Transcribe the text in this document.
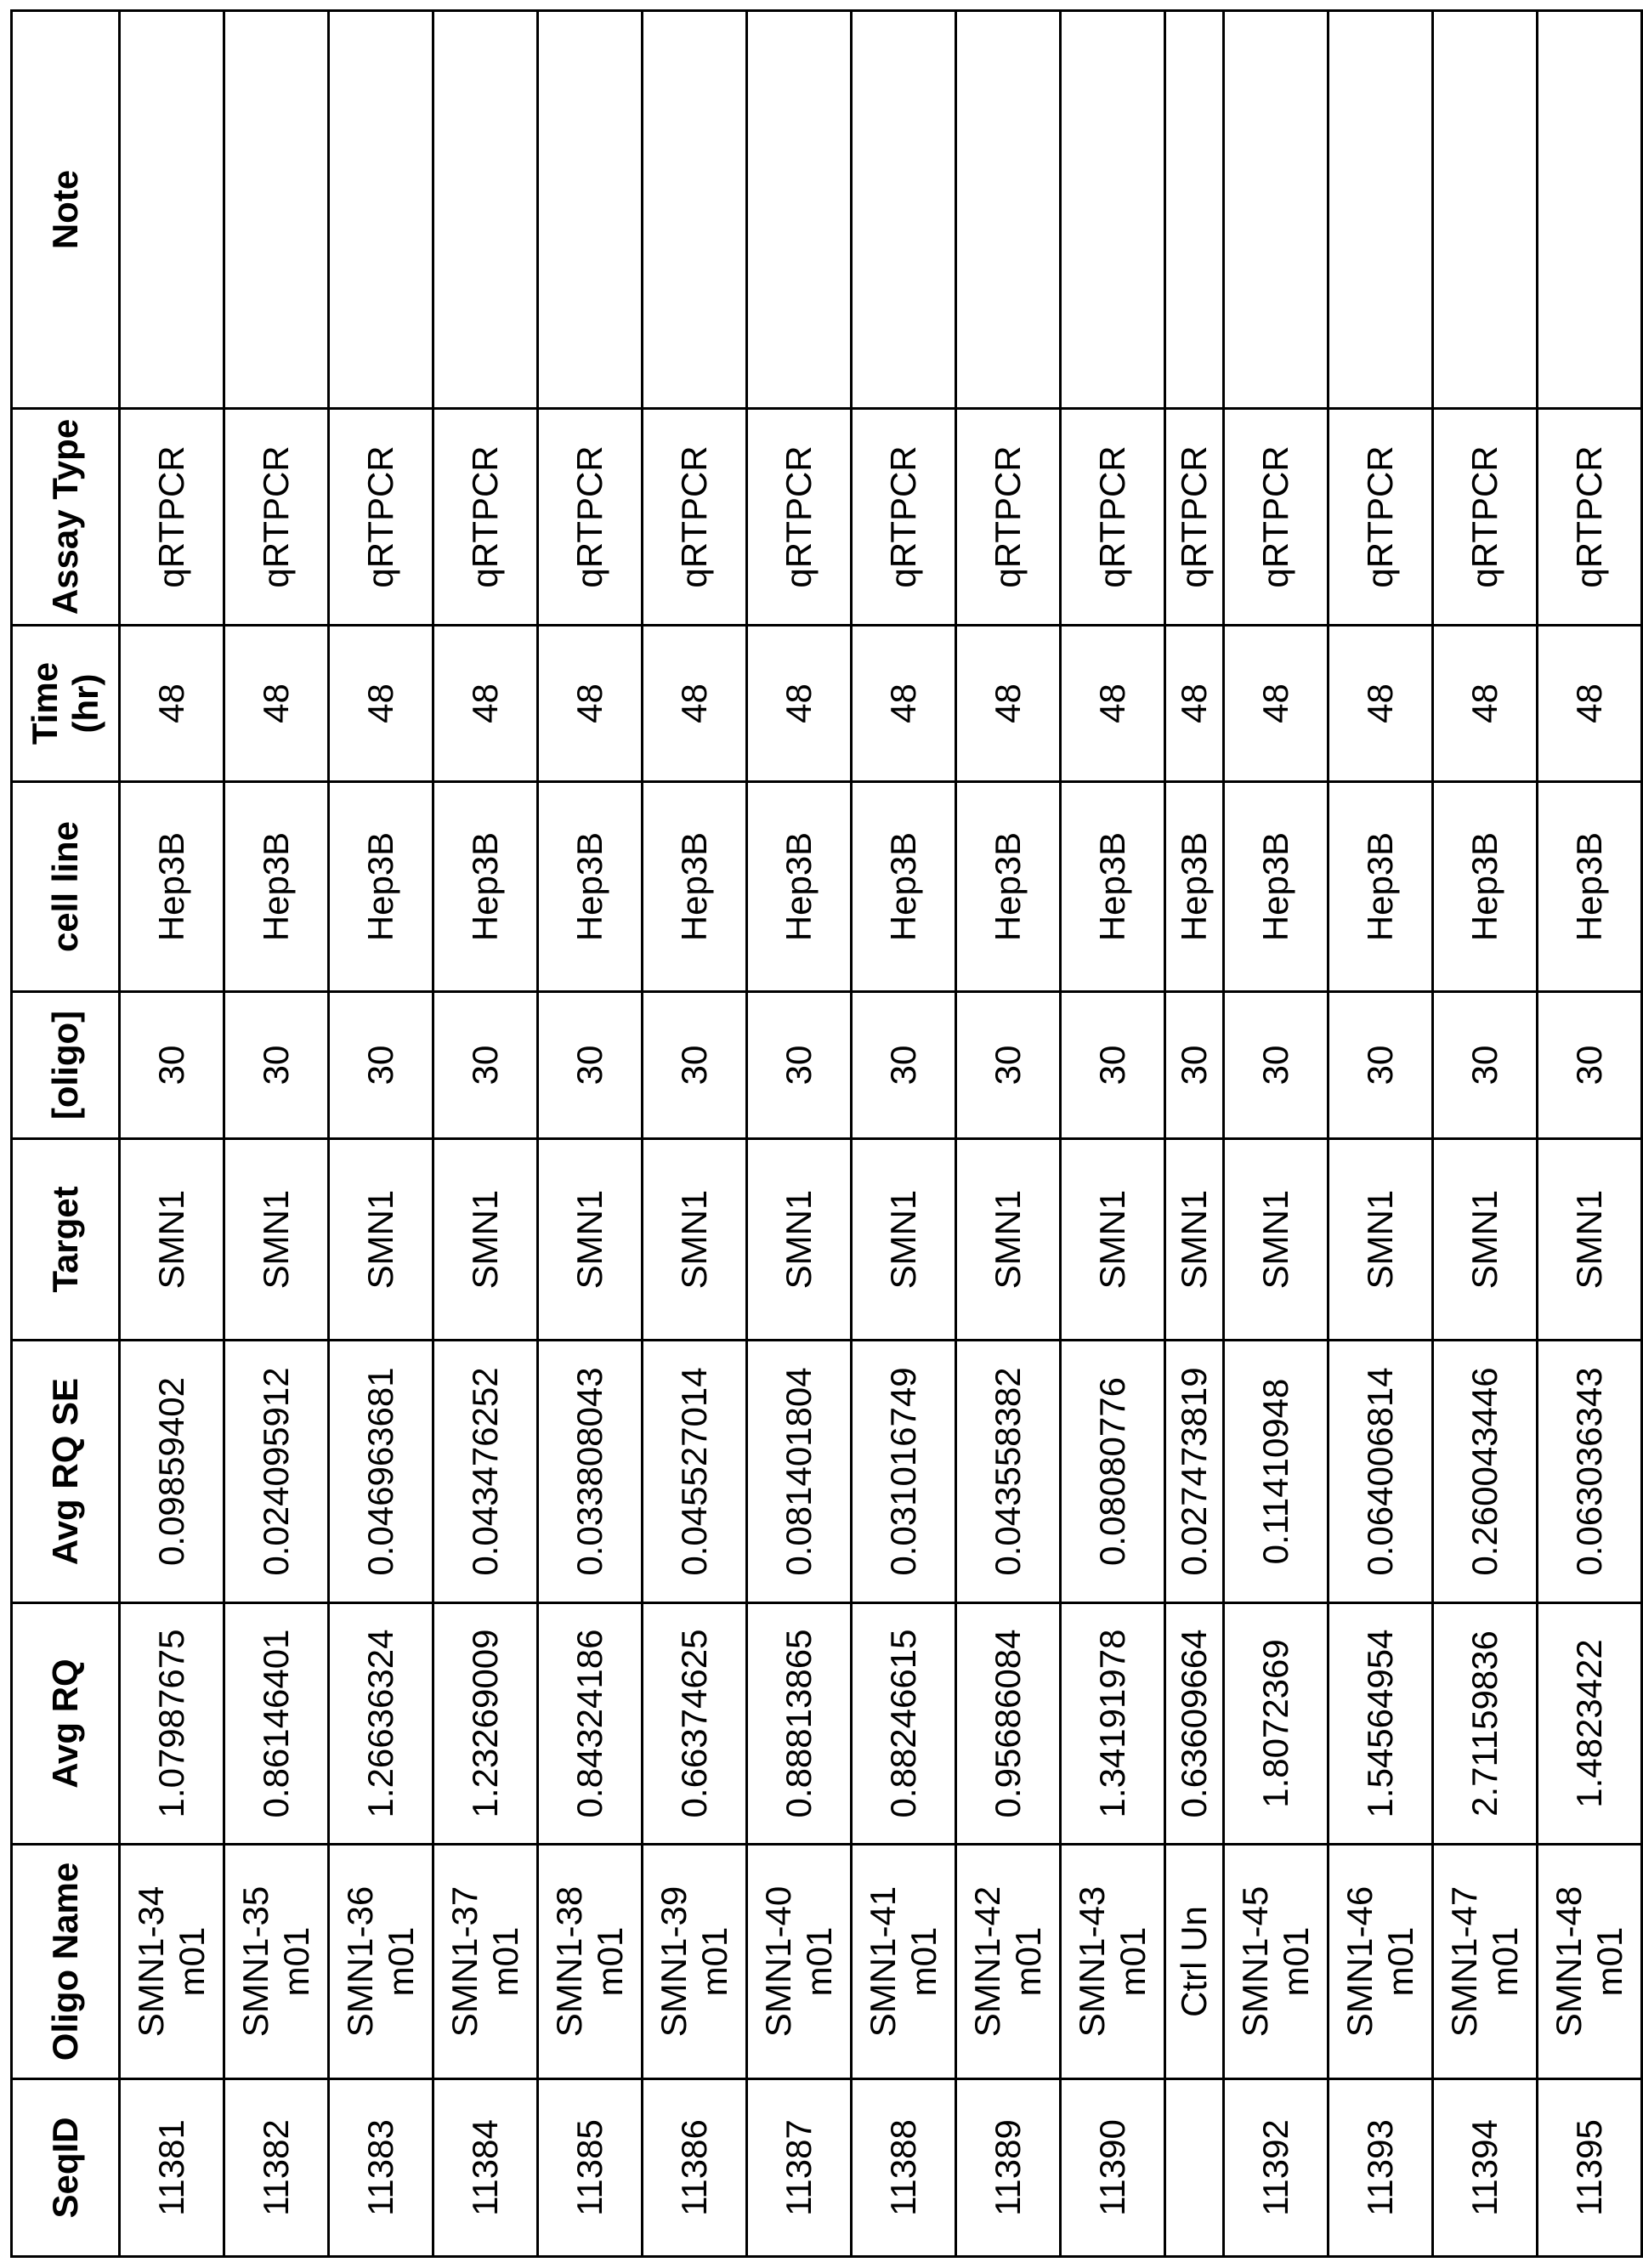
SeqID	Oligo Name	Avg RQ	Avg RQ SE	Target	[oligo]	cell line	Time (hr)	Assay Type	Note
11381	SMN1-34 m01	1.07987675	0.09859402	SMN1	30	Hep3B	48	qRTPCR	
11382	SMN1-35 m01	0.86146401	0.024095912	SMN1	30	Hep3B	48	qRTPCR	
11383	SMN1-36 m01	1.26636324	0.046963681	SMN1	30	Hep3B	48	qRTPCR	
11384	SMN1-37 m01	1.23269009	0.043476252	SMN1	30	Hep3B	48	qRTPCR	
11385	SMN1-38 m01	0.84324186	0.033808043	SMN1	30	Hep3B	48	qRTPCR	
11386	SMN1-39 m01	0.66374625	0.045527014	SMN1	30	Hep3B	48	qRTPCR	
11387	SMN1-40 m01	0.88813865	0.081401804	SMN1	30	Hep3B	48	qRTPCR	
11388	SMN1-41 m01	0.88246615	0.031016749	SMN1	30	Hep3B	48	qRTPCR	
11389	SMN1-42 m01	0.95686084	0.043558382	SMN1	30	Hep3B	48	qRTPCR	
11390	SMN1-43 m01	1.34191978	0.08080776	SMN1	30	Hep3B	48	qRTPCR	
	Ctrl Un	0.63609664	0.027473819	SMN1	30	Hep3B	48	qRTPCR	
11392	SMN1-45 m01	1.8072369	0.11410948	SMN1	30	Hep3B	48	qRTPCR	
11393	SMN1-46 m01	1.54564954	0.064006814	SMN1	30	Hep3B	48	qRTPCR	
11394	SMN1-47 m01	2.71159836	0.260043446	SMN1	30	Hep3B	48	qRTPCR	
11395	SMN1-48 m01	1.4823422	0.063036343	SMN1	30	Hep3B	48	qRTPCR	
